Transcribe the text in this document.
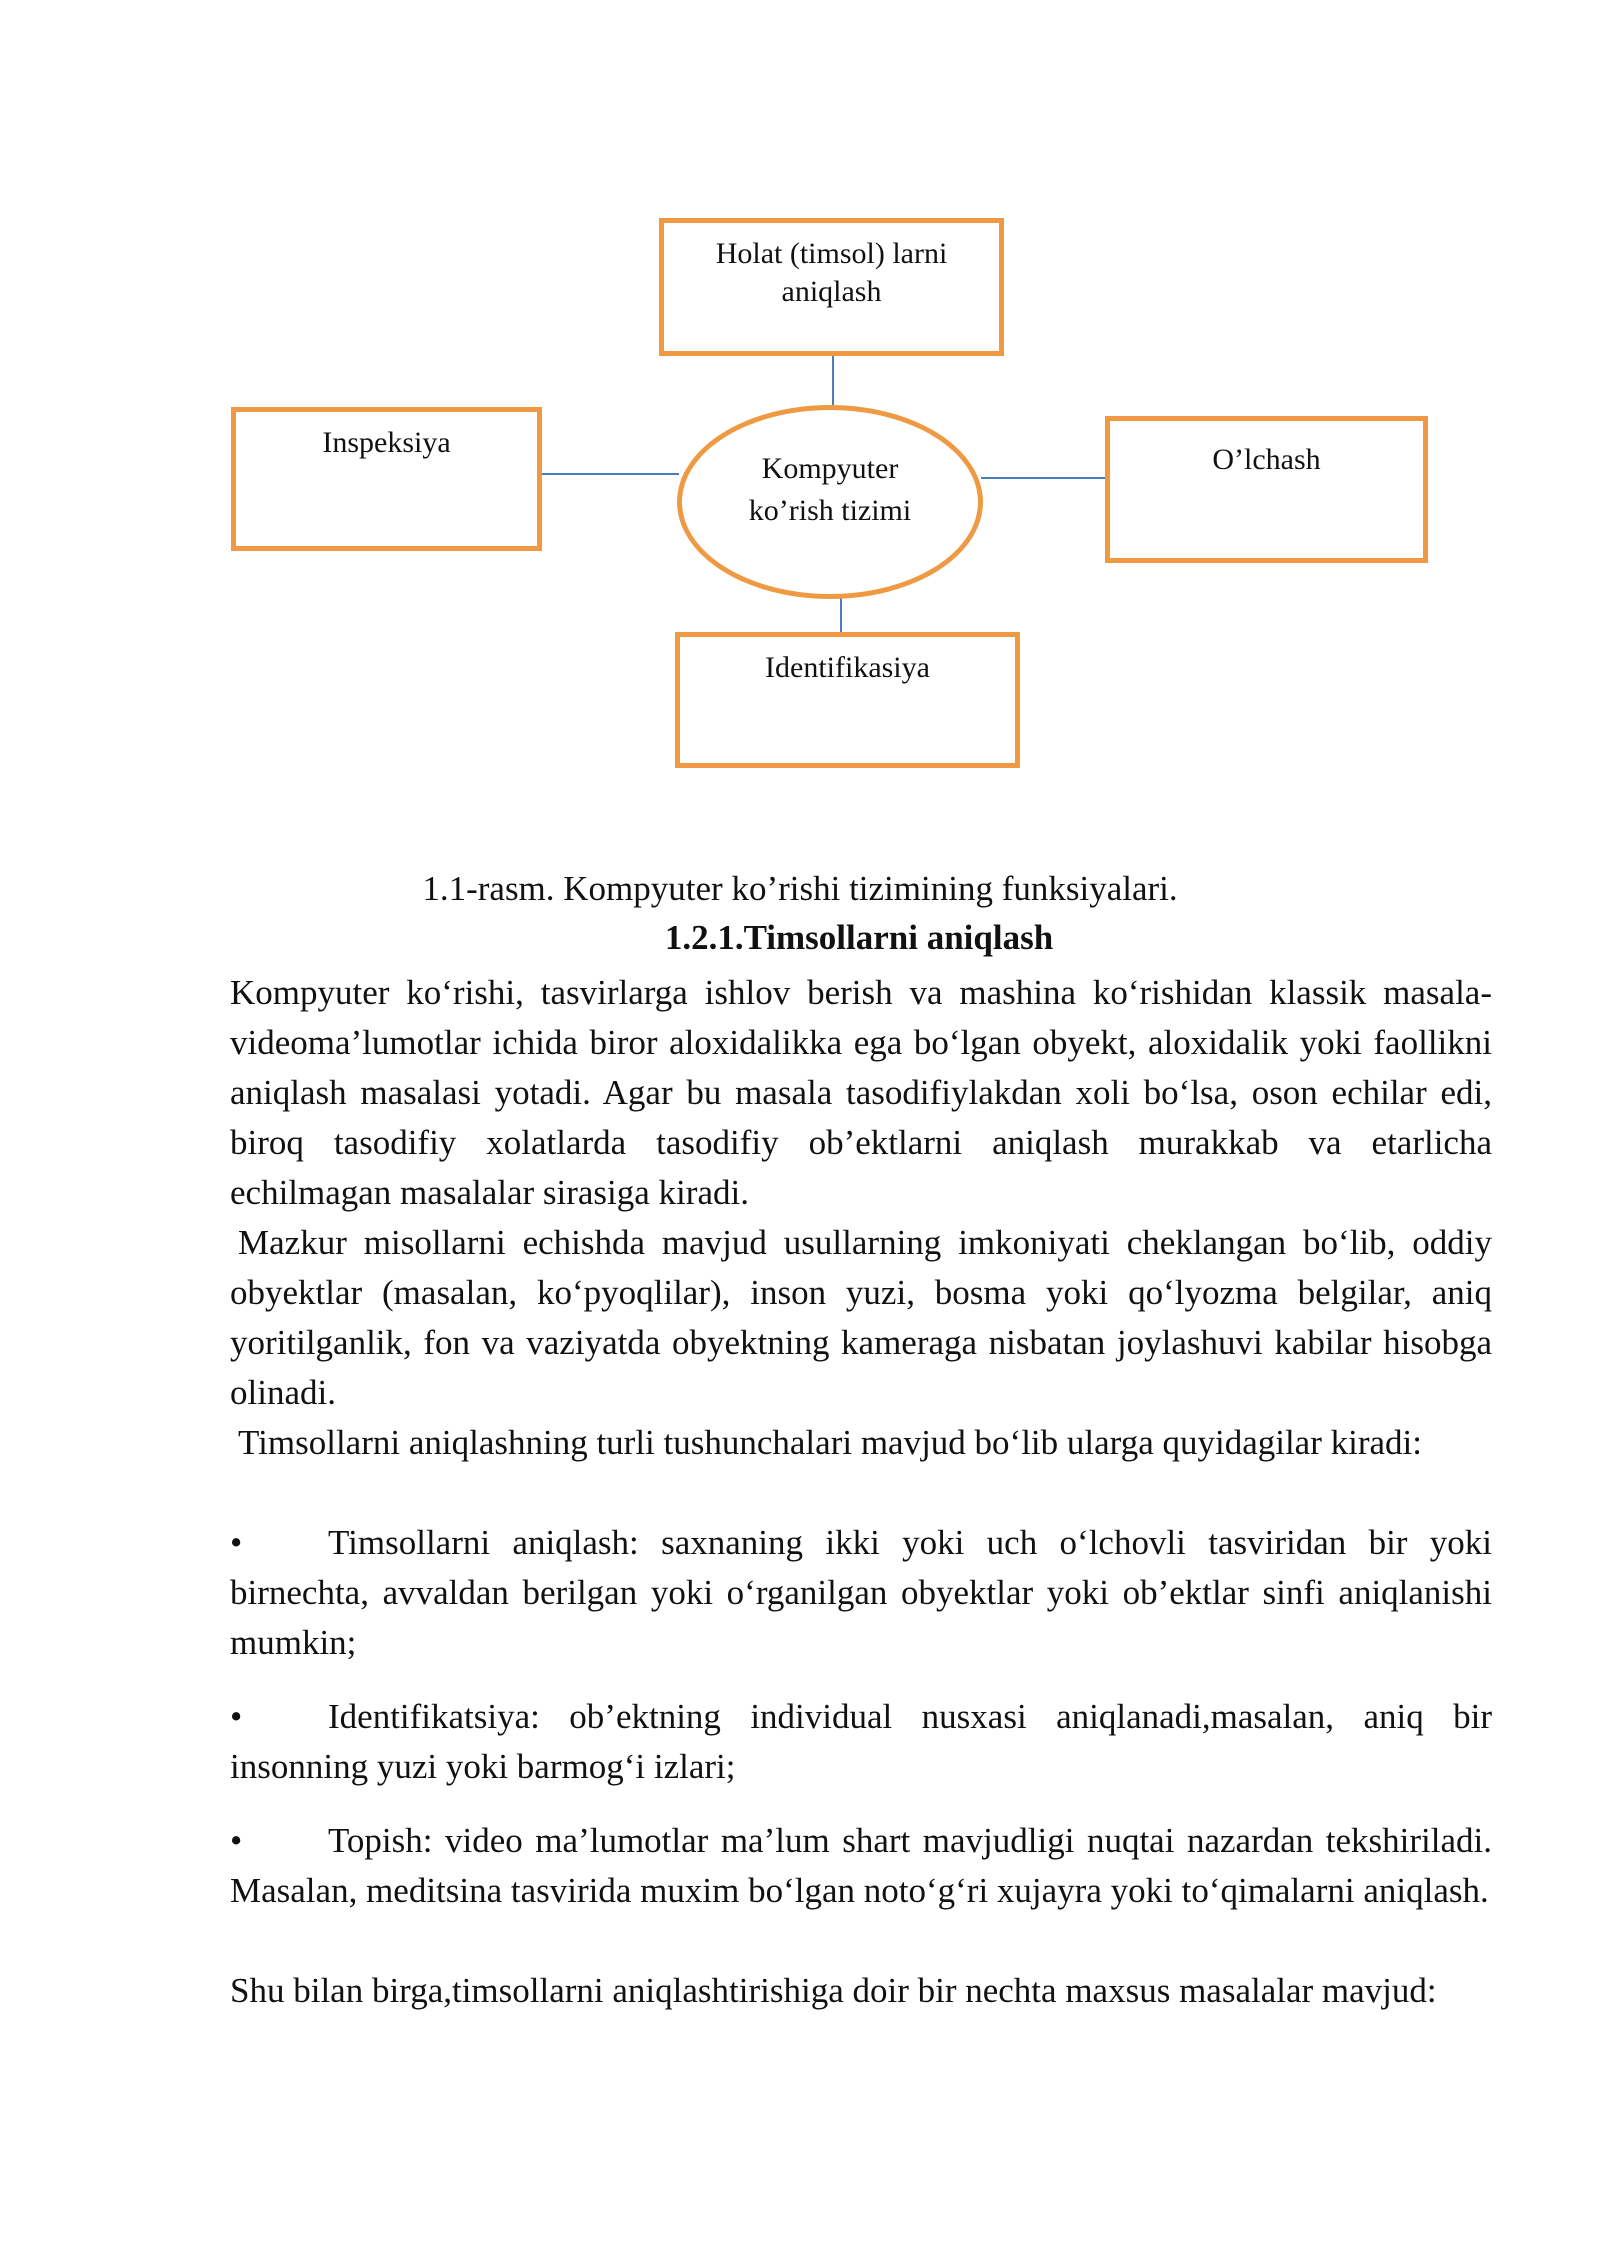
Holat (timsol) larni
aniqlash
Inspeksiya
O’lchash
Identifikasiya
Kompyuter
ko’rish tizimi
1.1-rasm. Kompyuter ko’rishi tizimining funksiyalari.
1.2.1.Timsollarni aniqlash
Kompyuter ko‘rishi, tasvirlarga ishlov berish va mashina ko‘rishidan klassik masala-videoma’lumotlar ichida biror aloxidalikka ega bo‘lgan obyekt, aloxidalik yoki faollikni aniqlash masalasi yotadi. Agar bu masala tasodifiylakdan xoli bo‘lsa, oson echilar edi, biroq tasodifiy xolatlarda tasodifiy ob’ektlarni aniqlash murakkab va etarlicha echilmagan masalalar sirasiga kiradi.
Mazkur misollarni echishda mavjud usullarning imkoniyati cheklangan bo‘lib, oddiy obyektlar (masalan, ko‘pyoqlilar), inson yuzi, bosma yoki qo‘lyozma belgilar, aniq yoritilganlik, fon va vaziyatda obyektning kameraga nisbatan joylashuvi kabilar hisobga olinadi.
Timsollarni aniqlashning turli tushunchalari mavjud bo‘lib ularga quyidagilar kiradi:
• Timsollarni aniqlash: saxnaning ikki yoki uch o‘lchovli tasviridan bir yoki birnechta, avvaldan berilgan yoki o‘rganilgan obyektlar yoki ob’ektlar sinfi aniqlanishi mumkin;
• Identifikatsiya: ob’ektning individual nusxasi aniqlanadi,masalan, aniq bir insonning yuzi yoki barmog‘i izlari;
• Topish: video ma’lumotlar ma’lum shart mavjudligi nuqtai nazardan tekshiriladi. Masalan, meditsina tasvirida muxim bo‘lgan noto‘g‘ri xujayra yoki to‘qimalarni aniqlash.
Shu bilan birga,timsollarni aniqlashtirishiga doir bir nechta maxsus masalalar mavjud:
